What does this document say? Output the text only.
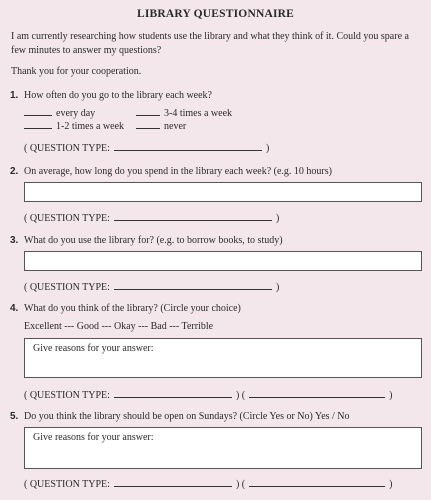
LIBRARY QUESTIONNAIRE
I am currently researching how students use the library and what they think of it. Could you spare a few minutes to answer my questions?
Thank you for your cooperation.
1. How often do you go to the library each week?
every day	3-4 times a week
1-2 times a week	never
( QUESTION TYPE:	)
2. On average, how long do you spend in the library each week? (e.g. 10 hours)
( QUESTION TYPE:	)
3. What do you use the library for? (e.g. to borrow books, to study)
( QUESTION TYPE:	)
4. What do you think of the library? (Circle your choice)
Excellent --- Good --- Okay --- Bad --- Terrible
Give reasons for your answer:
( QUESTION TYPE:	) (	)
5. Do you think the library should be open on Sundays? (Circle Yes or No) Yes / No
Give reasons for your answer:
( QUESTION TYPE:	) (	)
